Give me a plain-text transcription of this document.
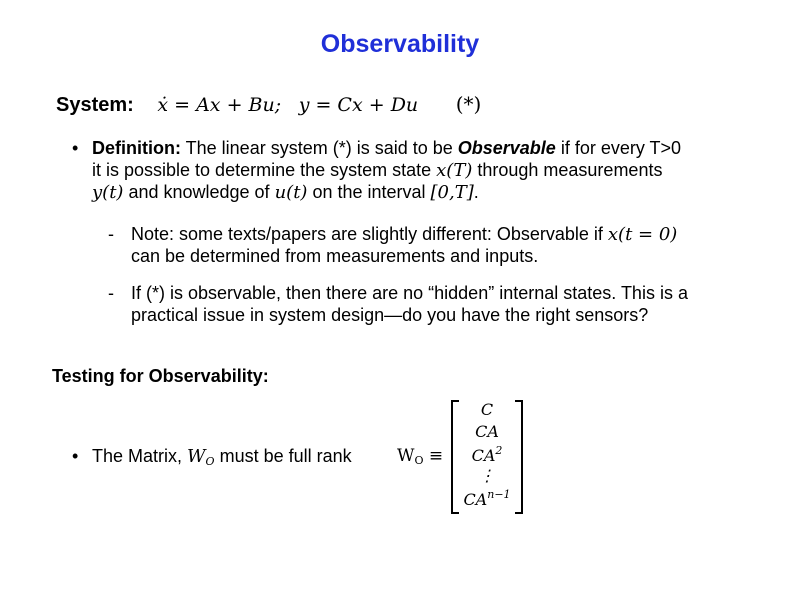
Observability
System: ẋ = Ax + Bu; y = Cx + Du (*)
• Definition: The linear system (*) is said to be Observable if for every T>0
it is possible to determine the system state x(T) through measurements
y(t) and knowledge of u(t) on the interval [0,T].
- Note: some texts/papers are slightly different: Observable if x(t = 0)
can be determined from measurements and inputs.
- If (*) is observable, then there are no “hidden” internal states. This is a
practical issue in system design—do you have the right sensors?
Testing for Observability:
• The Matrix, WO must be full rank	$W_O$ ≡
C
CA
$CA^2$
⋮
$CA^{n-1}$
